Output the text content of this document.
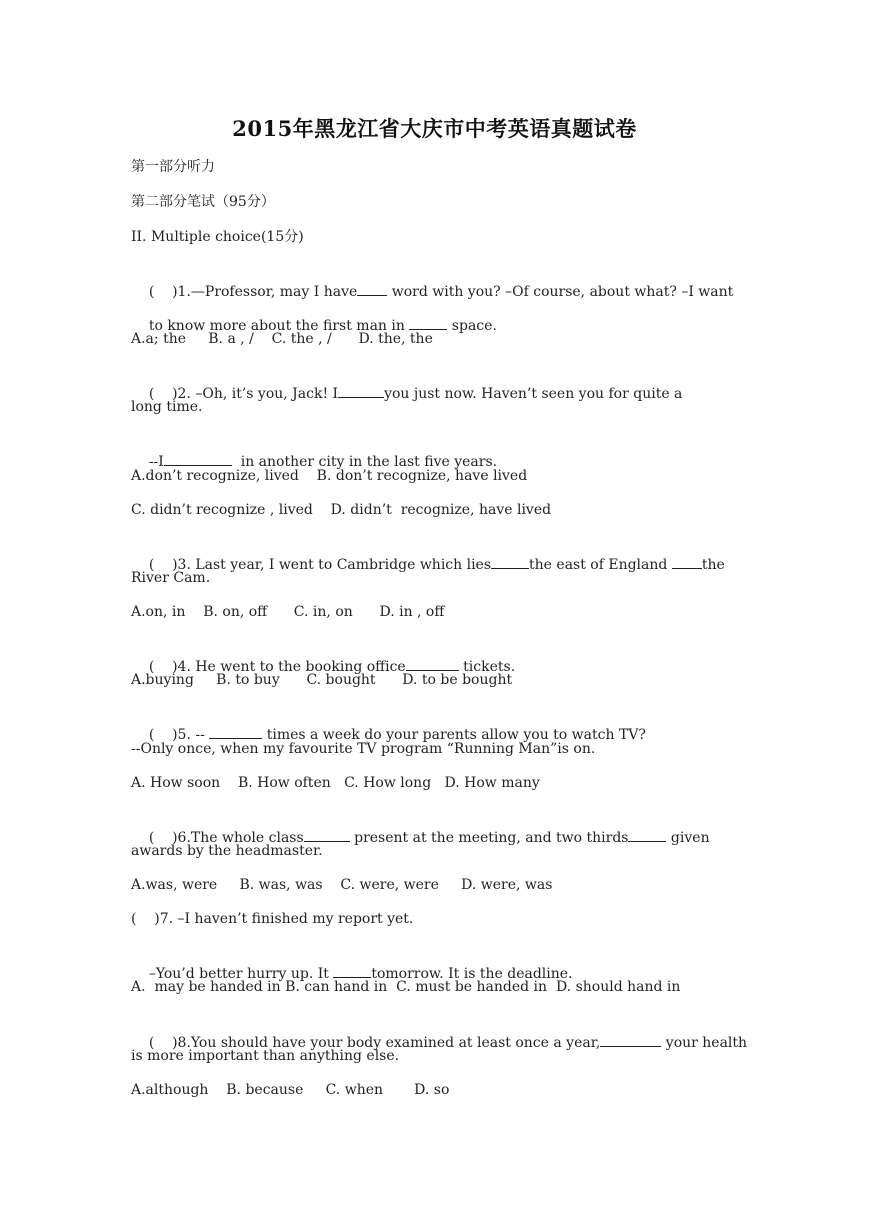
2015年黑龙江省大庆市中考英语真题试卷
第一部分听力
第二部分笔试（95分）
II. Multiple choice(15分)

(    )1.—Professor, may I have word with you? –Of course, about what? –I want

to know more about the first man in	space.

A.a; the     B. a , /    C. the , /      D. the, the

(    )2. –Oh, it’s you, Jack! I	you just now. Haven’t seen you for quite a

long time.

--I	in another city in the last five years.

A.don’t recognize, lived    B. don’t recognize, have lived
C. didn’t recognize , lived    D. didn’t  recognize, have lived

(    )3. Last year, I went to Cambridge which lies	the east of England the

River Cam.
A.on, in    B. on, off      C. in, on      D. in , off

(    )4. He went to the booking office	tickets.

A.buying     B. to buy      C. bought      D. to be bought

(    )5. --	times a week do your parents allow you to watch TV?

--Only once, when my favourite TV program “Running Man”is on.
A. How soon    B. How often   C. How long   D. How many

(    )6.The whole class	present at the meeting, and two thirds	given

awards by the headmaster.
A.was, were     B. was, was    C. were, were     D. were, was
(    )7. –I haven’t finished my report yet.

–You’d better hurry up. It	tomorrow. It is the deadline.

A.  may be handed in B. can hand in  C. must be handed in  D. should hand in

(    )8.You should have your body examined at least once a year,	your health

is more important than anything else.
A.although    B. because     C. when       D. so
